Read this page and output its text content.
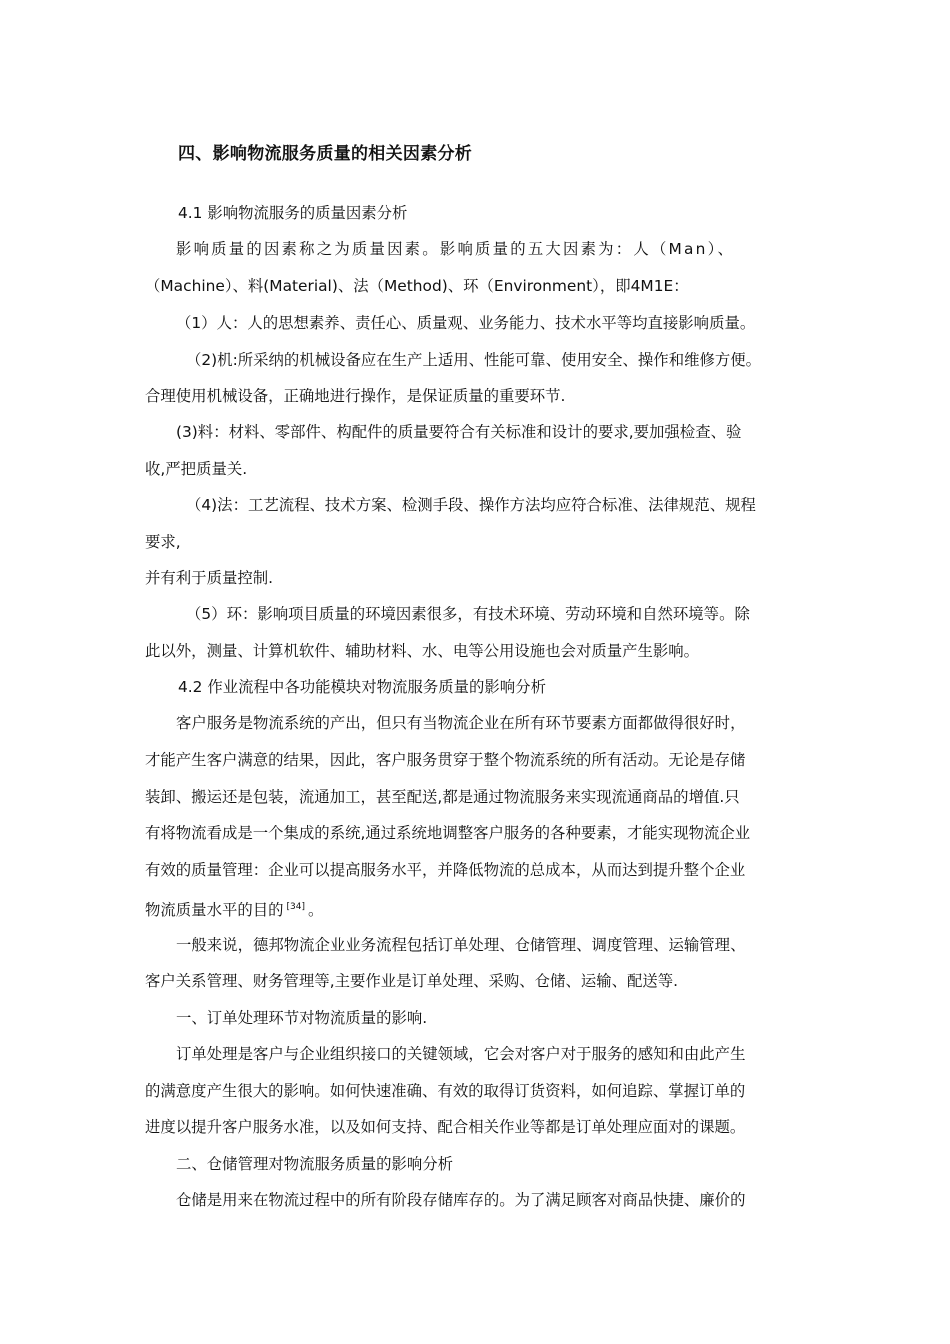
四、影响物流服务质量的相关因素分析
4.1 影响物流服务的质量因素分析
影响质量的因素称之为质量因素。影响质量的五大因素为：人（Man）、
（Machine）、料(Material)、法（Method)、环（Environment），即4M1E：
（1）人：人的思想素养、责任心、质量观、业务能力、技术水平等均直接影响质量。
（2)机:所采纳的机械设备应在生产上适用、性能可靠、使用安全、操作和维修方便。
合理使用机械设备，正确地进行操作，是保证质量的重要环节.
(3)料：材料、零部件、构配件的质量要符合有关标准和设计的要求,要加强检查、验
收,严把质量关.
（4)法：工艺流程、技术方案、检测手段、操作方法均应符合标准、法律规范、规程
要求,
并有利于质量控制.
（5）环：影响项目质量的环境因素很多，有技术环境、劳动环境和自然环境等。除
此以外，测量、计算机软件、辅助材料、水、电等公用设施也会对质量产生影响。
4.2 作业流程中各功能模块对物流服务质量的影响分析
客户服务是物流系统的产出，但只有当物流企业在所有环节要素方面都做得很好时，
才能产生客户满意的结果，因此，客户服务贯穿于整个物流系统的所有活动。无论是存储
装卸、搬运还是包装，流通加工，甚至配送,都是通过物流服务来实现流通商品的增值.只
有将物流看成是一个集成的系统,通过系统地调整客户服务的各种要素，才能实现物流企业
有效的质量管理：企业可以提高服务水平，并降低物流的总成本，从而达到提升整个企业
物流质量水平的目的 [34] 。
一般来说，德邦物流企业业务流程包括订单处理、仓储管理、调度管理、运输管理、
客户关系管理、财务管理等,主要作业是订单处理、采购、仓储、运输、配送等.
一、订单处理环节对物流质量的影响.
订单处理是客户与企业组织接口的关键领域，它会对客户对于服务的感知和由此产生
的满意度产生很大的影响。如何快速准确、有效的取得订货资料，如何追踪、掌握订单的
进度以提升客户服务水准，以及如何支持、配合相关作业等都是订单处理应面对的课题。
二、仓储管理对物流服务质量的影响分析
仓储是用来在物流过程中的所有阶段存储库存的。为了满足顾客对商品快捷、廉价的
